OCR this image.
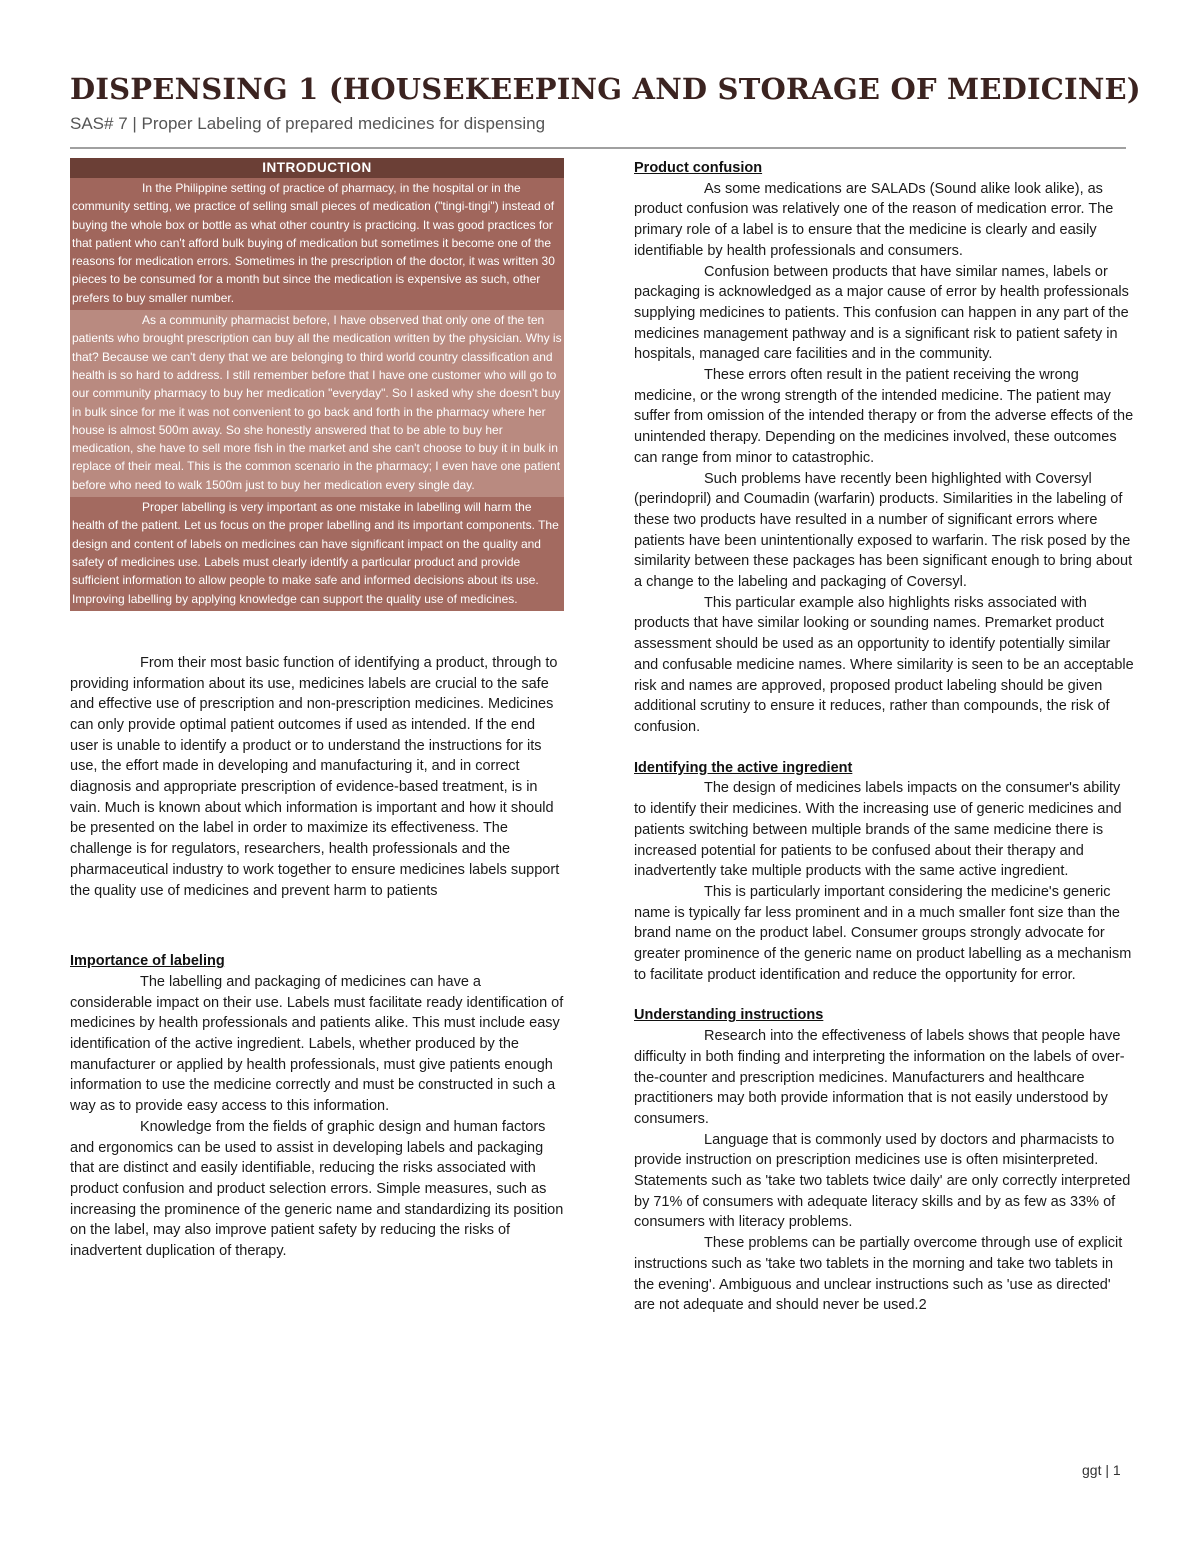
DISPENSING 1 (HOUSEKEEPING AND STORAGE OF MEDICINE)

SAS# 7 | Proper Labeling of prepared medicines for dispensing

INTRODUCTION

In the Philippine setting of practice of pharmacy, in the hospital or in the community setting, we practice of selling small pieces of medication ("tingi-tingi") instead of buying the whole box or bottle as what other country is practicing. It was good practices for that patient who can't afford bulk buying of medication but sometimes it become one of the reasons for medication errors. Sometimes in the prescription of the doctor, it was written 30 pieces to be consumed for a month but since the medication is expensive as such, other prefers to buy smaller number.

As a community pharmacist before, I have observed that only one of the ten patients who brought prescription can buy all the medication written by the physician. Why is that? Because we can't deny that we are belonging to third world country classification and health is so hard to address. I still remember before that I have one customer who will go to our community pharmacy to buy her medication "everyday". So I asked why she doesn't buy in bulk since for me it was not convenient to go back and forth in the pharmacy where her house is almost 500m away. So she honestly answered that to be able to buy her medication, she have to sell more fish in the market and she can't choose to buy it in bulk in replace of their meal. This is the common scenario in the pharmacy; I even have one patient before who need to walk 1500m just to buy her medication every single day.

Proper labelling is very important as one mistake in labelling will harm the health of the patient. Let us focus on the proper labelling and its important components. The design and content of labels on medicines can have significant impact on the quality and safety of medicines use. Labels must clearly identify a particular product and provide sufficient information to allow people to make safe and informed decisions about its use. Improving labelling by applying knowledge can support the quality use of medicines.

From their most basic function of identifying a product, through to providing information about its use, medicines labels are crucial to the safe and effective use of prescription and non-prescription medicines. Medicines can only provide optimal patient outcomes if used as intended. If the end user is unable to identify a product or to understand the instructions for its use, the effort made in developing and manufacturing it, and in correct diagnosis and appropriate prescription of evidence-based treatment, is in vain. Much is known about which information is important and how it should be presented on the label in order to maximize its effectiveness. The challenge is for regulators, researchers, health professionals and the pharmaceutical industry to work together to ensure medicines labels support the quality use of medicines and prevent harm to patients

Importance of labeling

The labelling and packaging of medicines can have a considerable impact on their use. Labels must facilitate ready identification of medicines by health professionals and patients alike. This must include easy identification of the active ingredient. Labels, whether produced by the manufacturer or applied by health professionals, must give patients enough information to use the medicine correctly and must be constructed in such a way as to provide easy access to this information.

Knowledge from the fields of graphic design and human factors and ergonomics can be used to assist in developing labels and packaging that are distinct and easily identifiable, reducing the risks associated with product confusion and product selection errors. Simple measures, such as increasing the prominence of the generic name and standardizing its position on the label, may also improve patient safety by reducing the risks of inadvertent duplication of therapy.

Product confusion

As some medications are SALADs (Sound alike look alike), as product confusion was relatively one of the reason of medication error. The primary role of a label is to ensure that the medicine is clearly and easily identifiable by health professionals and consumers.

Confusion between products that have similar names, labels or packaging is acknowledged as a major cause of error by health professionals supplying medicines to patients. This confusion can happen in any part of the medicines management pathway and is a significant risk to patient safety in hospitals, managed care facilities and in the community.

These errors often result in the patient receiving the wrong medicine, or the wrong strength of the intended medicine. The patient may suffer from omission of the intended therapy or from the adverse effects of the unintended therapy. Depending on the medicines involved, these outcomes can range from minor to catastrophic.

Such problems have recently been highlighted with Coversyl (perindopril) and Coumadin (warfarin) products. Similarities in the labeling of these two products have resulted in a number of significant errors where patients have been unintentionally exposed to warfarin. The risk posed by the similarity between these packages has been significant enough to bring about a change to the labeling and packaging of Coversyl.

This particular example also highlights risks associated with products that have similar looking or sounding names. Premarket product assessment should be used as an opportunity to identify potentially similar and confusable medicine names. Where similarity is seen to be an acceptable risk and names are approved, proposed product labeling should be given additional scrutiny to ensure it reduces, rather than compounds, the risk of confusion.

Identifying the active ingredient

The design of medicines labels impacts on the consumer's ability to identify their medicines. With the increasing use of generic medicines and patients switching between multiple brands of the same medicine there is increased potential for patients to be confused about their therapy and inadvertently take multiple products with the same active ingredient.

This is particularly important considering the medicine's generic name is typically far less prominent and in a much smaller font size than the brand name on the product label. Consumer groups strongly advocate for greater prominence of the generic name on product labelling as a mechanism to facilitate product identification and reduce the opportunity for error.

Understanding instructions

Research into the effectiveness of labels shows that people have difficulty in both finding and interpreting the information on the labels of over-the-counter and prescription medicines. Manufacturers and healthcare practitioners may both provide information that is not easily understood by consumers.

Language that is commonly used by doctors and pharmacists to provide instruction on prescription medicines use is often misinterpreted. Statements such as 'take two tablets twice daily' are only correctly interpreted by 71% of consumers with adequate literacy skills and by as few as 33% of consumers with literacy problems.

These problems can be partially overcome through use of explicit instructions such as 'take two tablets in the morning and take two tablets in the evening'. Ambiguous and unclear instructions such as 'use as directed' are not adequate and should never be used.2

ggt | 1
